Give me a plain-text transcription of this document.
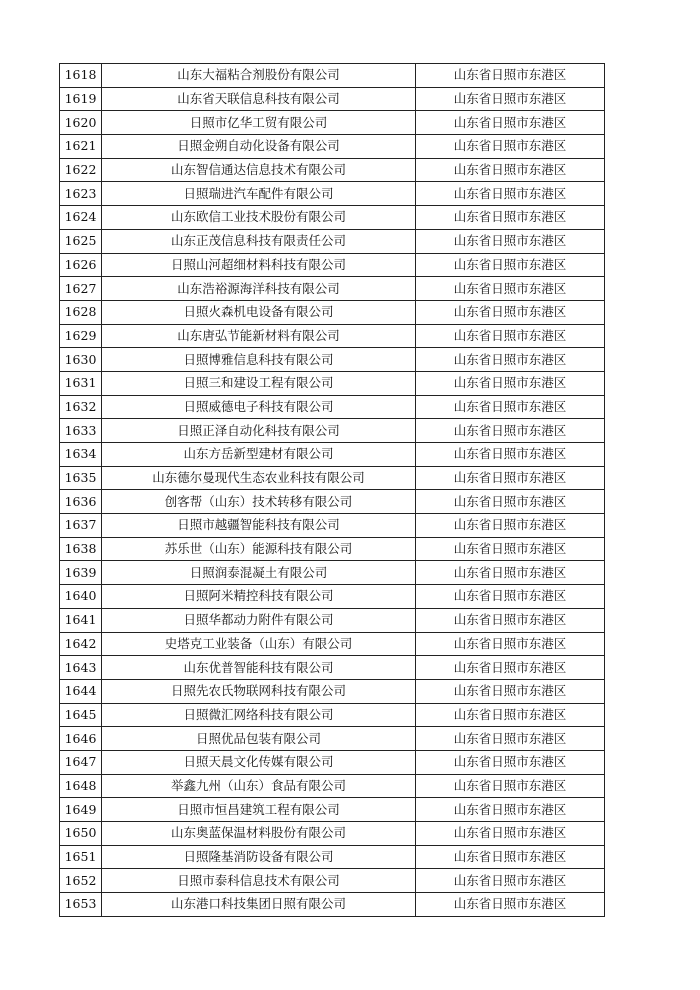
1618	山东大福粘合剂股份有限公司	山东省日照市东港区
1619	山东省天联信息科技有限公司	山东省日照市东港区
1620	日照市亿华工贸有限公司	山东省日照市东港区
1621	日照金朔自动化设备有限公司	山东省日照市东港区
1622	山东智信通达信息技术有限公司	山东省日照市东港区
1623	日照瑞进汽车配件有限公司	山东省日照市东港区
1624	山东欧信工业技术股份有限公司	山东省日照市东港区
1625	山东正茂信息科技有限责任公司	山东省日照市东港区
1626	日照山河超细材料科技有限公司	山东省日照市东港区
1627	山东浩裕源海洋科技有限公司	山东省日照市东港区
1628	日照火森机电设备有限公司	山东省日照市东港区
1629	山东唐弘节能新材料有限公司	山东省日照市东港区
1630	日照博雅信息科技有限公司	山东省日照市东港区
1631	日照三和建设工程有限公司	山东省日照市东港区
1632	日照威德电子科技有限公司	山东省日照市东港区
1633	日照正泽自动化科技有限公司	山东省日照市东港区
1634	山东方岳新型建材有限公司	山东省日照市东港区
1635	山东德尔曼现代生态农业科技有限公司	山东省日照市东港区
1636	创客帮（山东）技术转移有限公司	山东省日照市东港区
1637	日照市越疆智能科技有限公司	山东省日照市东港区
1638	苏乐世（山东）能源科技有限公司	山东省日照市东港区
1639	日照润泰混凝土有限公司	山东省日照市东港区
1640	日照阿米精控科技有限公司	山东省日照市东港区
1641	日照华都动力附件有限公司	山东省日照市东港区
1642	史塔克工业装备（山东）有限公司	山东省日照市东港区
1643	山东优普智能科技有限公司	山东省日照市东港区
1644	日照先农氏物联网科技有限公司	山东省日照市东港区
1645	日照微汇网络科技有限公司	山东省日照市东港区
1646	日照优品包装有限公司	山东省日照市东港区
1647	日照天晨文化传媒有限公司	山东省日照市东港区
1648	举鑫九州（山东）食品有限公司	山东省日照市东港区
1649	日照市恒昌建筑工程有限公司	山东省日照市东港区
1650	山东奥蓝保温材料股份有限公司	山东省日照市东港区
1651	日照隆基消防设备有限公司	山东省日照市东港区
1652	日照市泰科信息技术有限公司	山东省日照市东港区
1653	山东港口科技集团日照有限公司	山东省日照市东港区
